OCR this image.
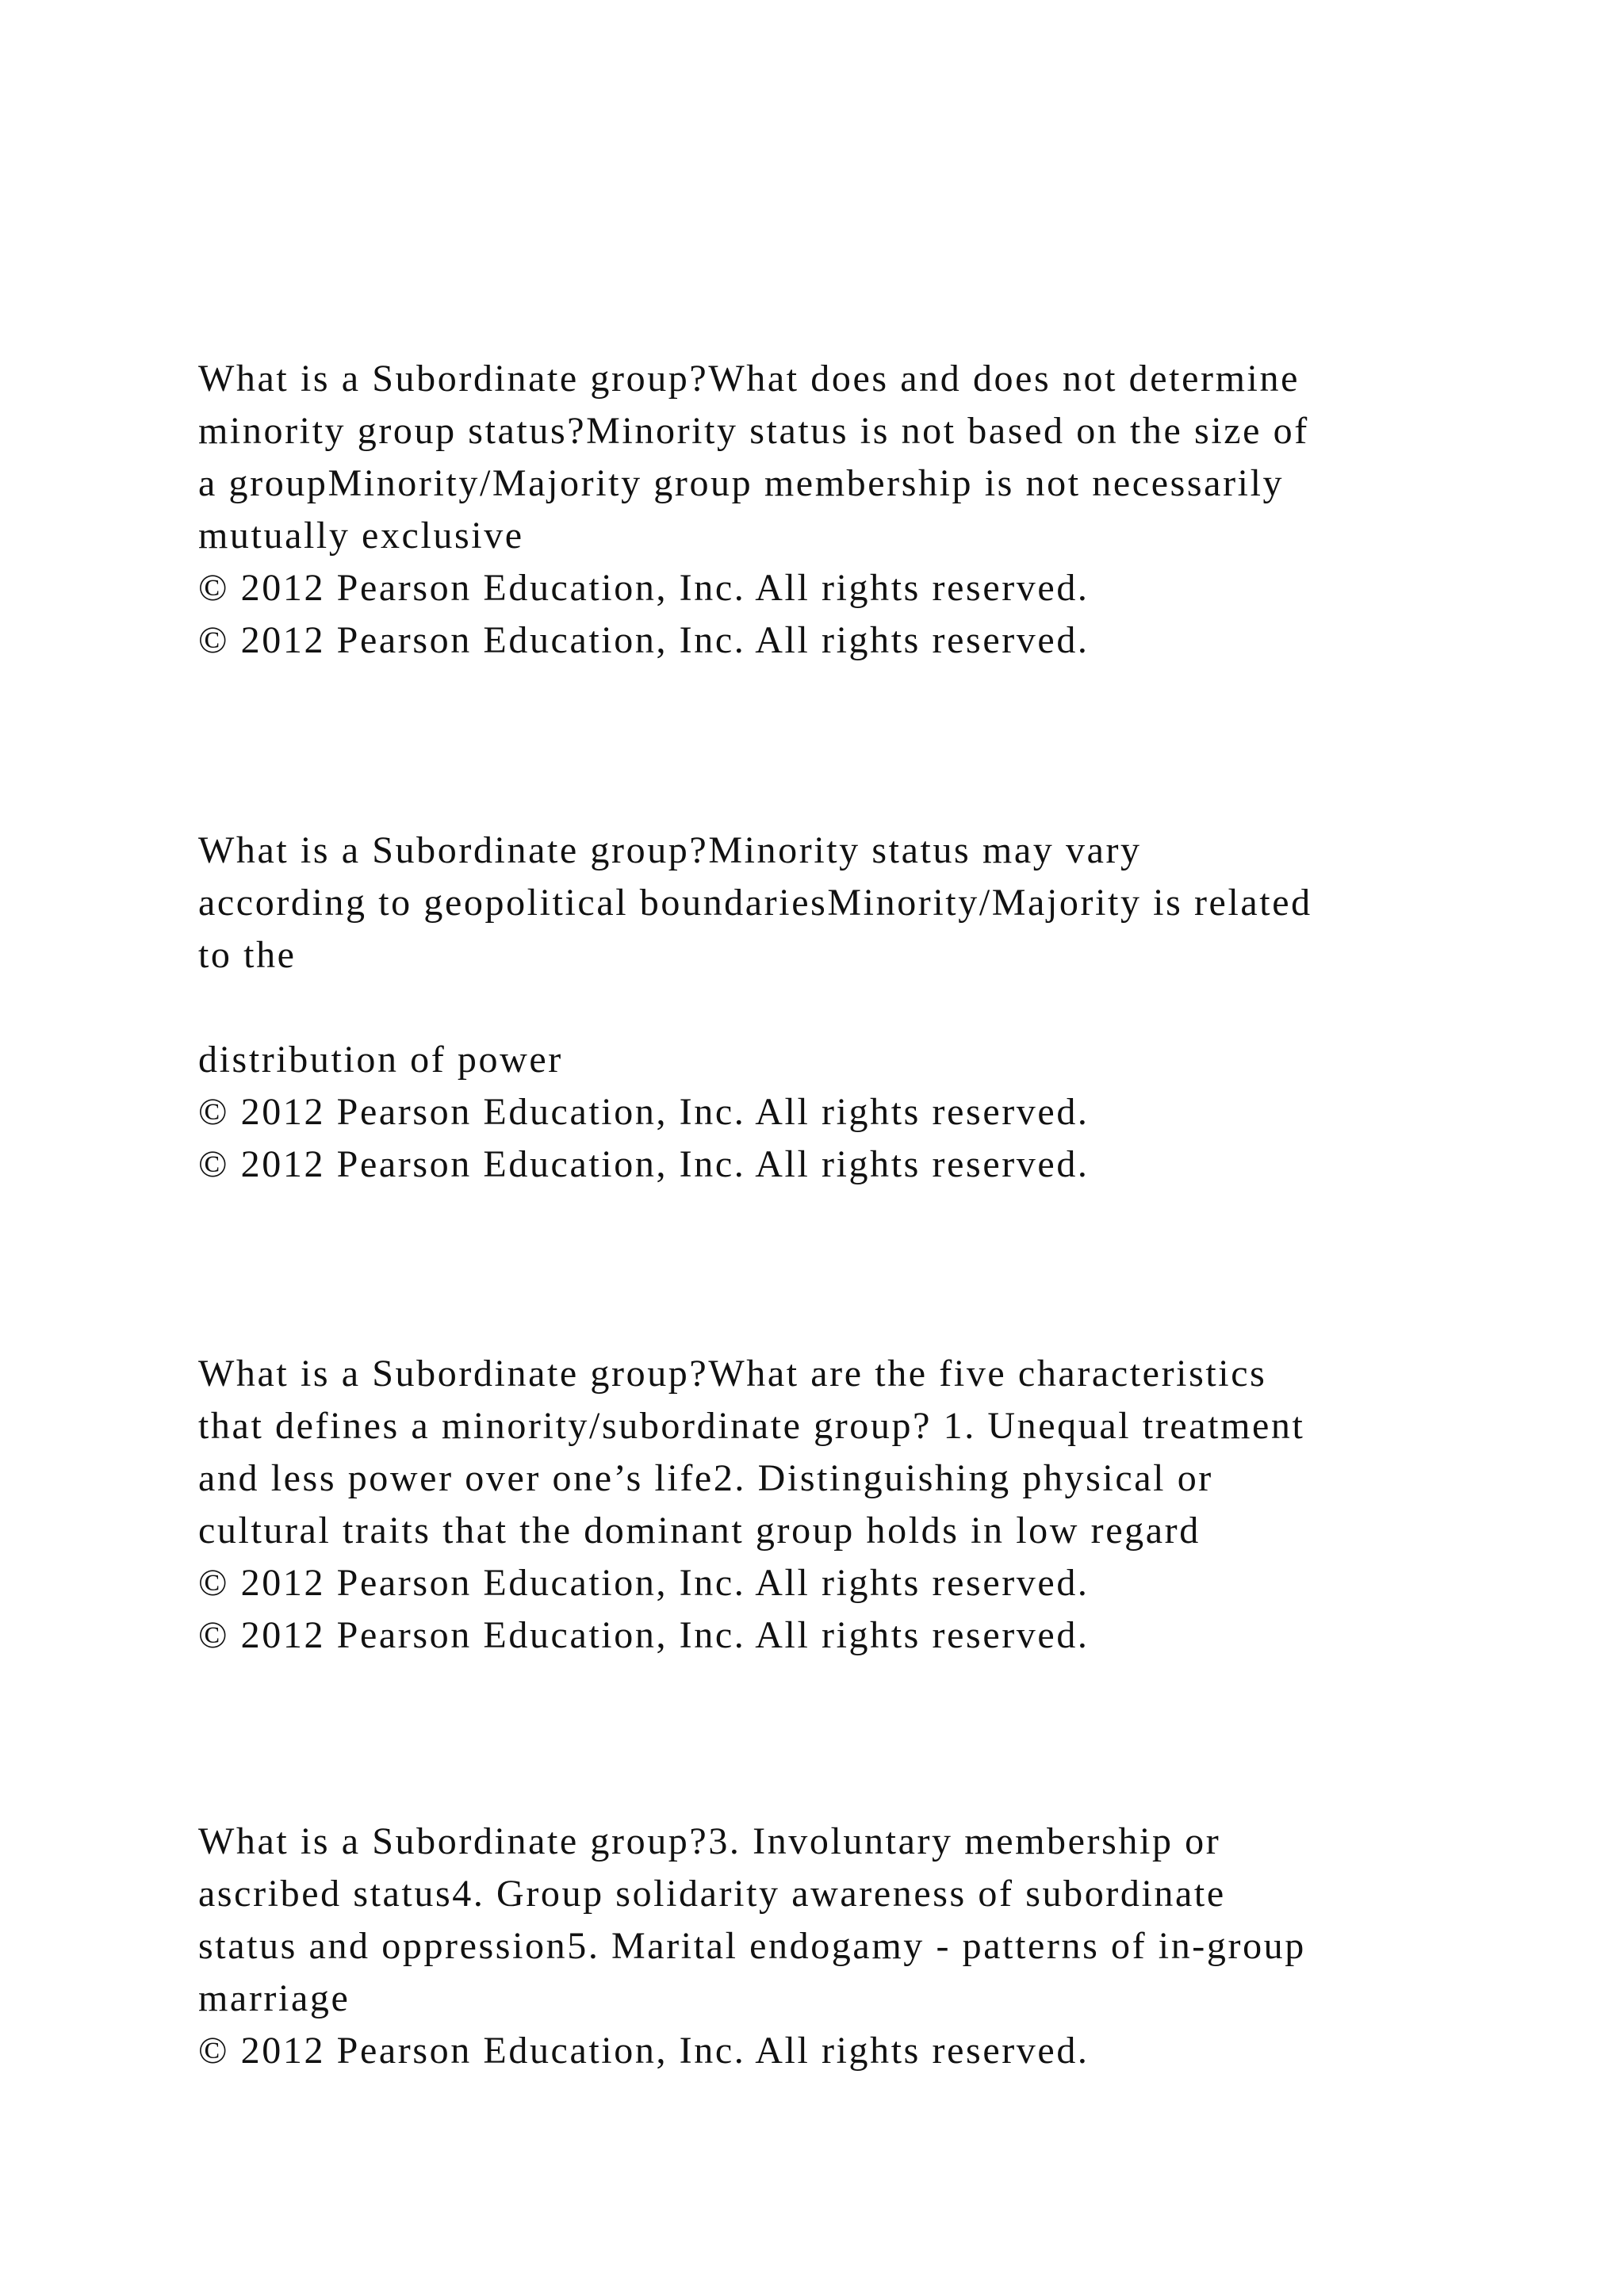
What is a Subordinate group?What does and does not determine
minority group status?Minority status is not based on the size of
a groupMinority/Majority group membership is not necessarily
mutually exclusive
© 2012 Pearson Education, Inc. All rights reserved.
© 2012 Pearson Education, Inc. All rights reserved.
What is a Subordinate group?Minority status may vary
according to geopolitical boundariesMinority/Majority is related
to the
distribution of power
© 2012 Pearson Education, Inc. All rights reserved.
© 2012 Pearson Education, Inc. All rights reserved.
What is a Subordinate group?What are the five characteristics
that defines a minority/subordinate group? 1. Unequal treatment
and less power over one’s life2. Distinguishing physical or
cultural traits that the dominant group holds in low regard
© 2012 Pearson Education, Inc. All rights reserved.
© 2012 Pearson Education, Inc. All rights reserved.
What is a Subordinate group?3. Involuntary membership or
ascribed status4. Group solidarity awareness of subordinate
status and oppression5. Marital endogamy - patterns of in-group
marriage
© 2012 Pearson Education, Inc. All rights reserved.
